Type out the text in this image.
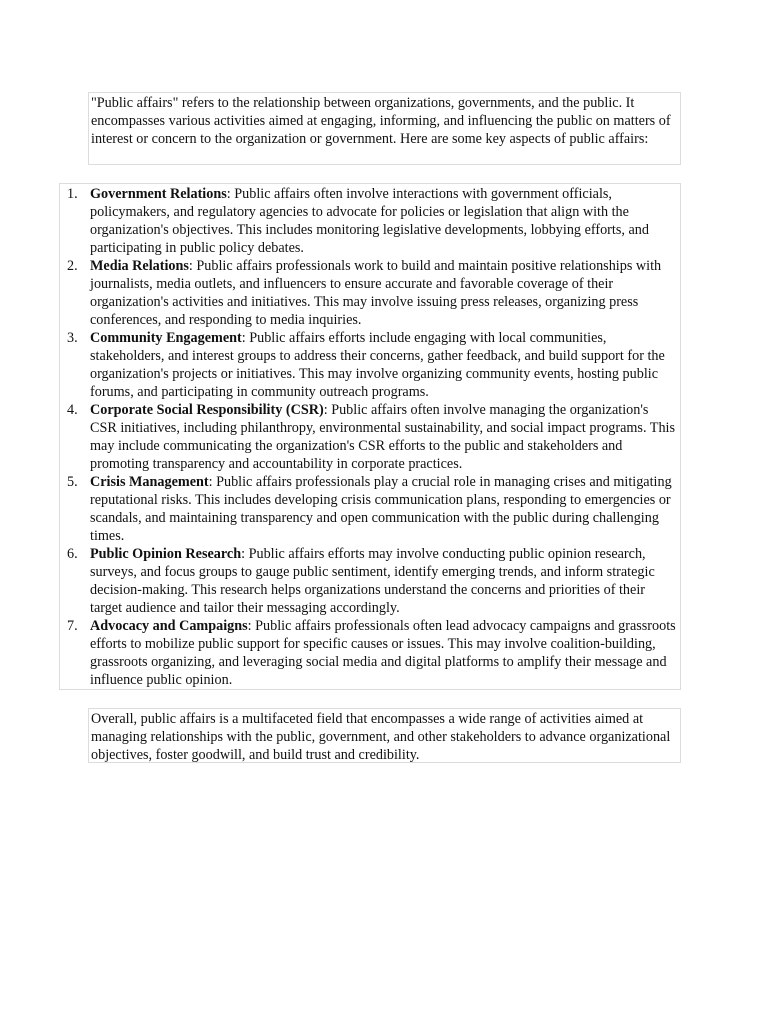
"Public affairs" refers to the relationship between organizations, governments, and the public. It encompasses various activities aimed at engaging, informing, and influencing the public on matters of interest or concern to the organization or government. Here are some key aspects of public affairs:

1. Government Relations: Public affairs often involve interactions with government officials, policymakers, and regulatory agencies to advocate for policies or legislation that align with the organization's objectives. This includes monitoring legislative developments, lobbying efforts, and participating in public policy debates.
2. Media Relations: Public affairs professionals work to build and maintain positive relationships with journalists, media outlets, and influencers to ensure accurate and favorable coverage of their organization's activities and initiatives. This may involve issuing press releases, organizing press conferences, and responding to media inquiries.
3. Community Engagement: Public affairs efforts include engaging with local communities, stakeholders, and interest groups to address their concerns, gather feedback, and build support for the organization's projects or initiatives. This may involve organizing community events, hosting public forums, and participating in community outreach programs.
4. Corporate Social Responsibility (CSR): Public affairs often involve managing the organization's CSR initiatives, including philanthropy, environmental sustainability, and social impact programs. This may include communicating the organization's CSR efforts to the public and stakeholders and promoting transparency and accountability in corporate practices.
5. Crisis Management: Public affairs professionals play a crucial role in managing crises and mitigating reputational risks. This includes developing crisis communication plans, responding to emergencies or scandals, and maintaining transparency and open communication with the public during challenging times.
6. Public Opinion Research: Public affairs efforts may involve conducting public opinion research, surveys, and focus groups to gauge public sentiment, identify emerging trends, and inform strategic decision-making. This research helps organizations understand the concerns and priorities of their target audience and tailor their messaging accordingly.
7. Advocacy and Campaigns: Public affairs professionals often lead advocacy campaigns and grassroots efforts to mobilize public support for specific causes or issues. This may involve coalition-building, grassroots organizing, and leveraging social media and digital platforms to amplify their message and influence public opinion.

Overall, public affairs is a multifaceted field that encompasses a wide range of activities aimed at managing relationships with the public, government, and other stakeholders to advance organizational objectives, foster goodwill, and build trust and credibility.
